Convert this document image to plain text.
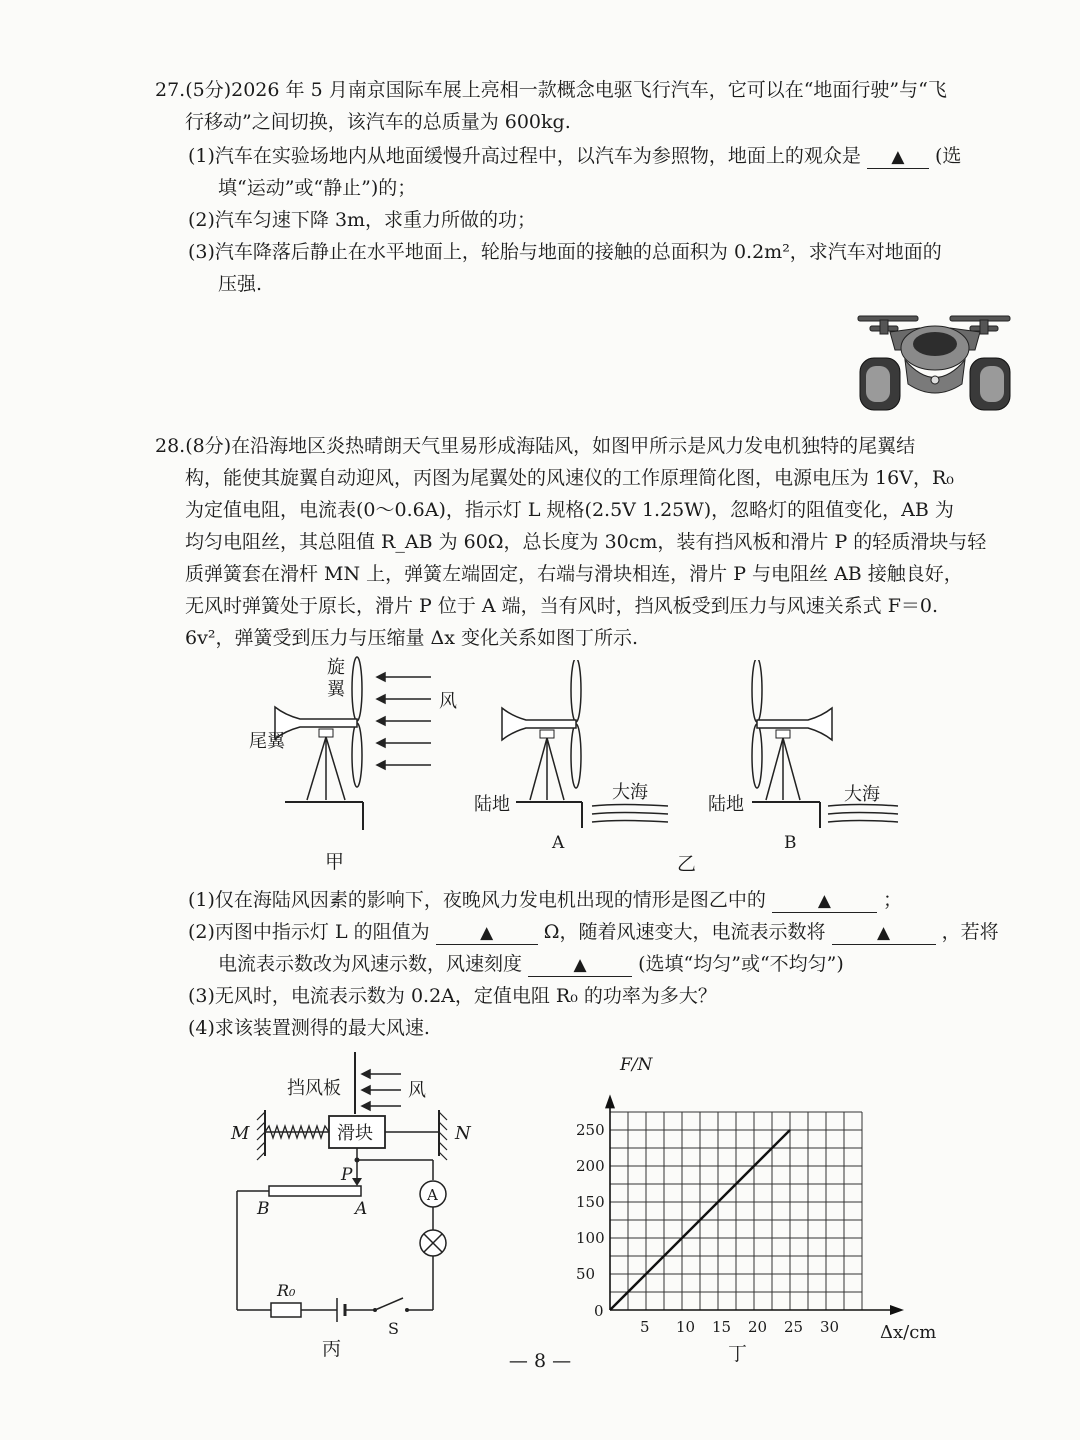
27.(5分)2026 年 5 月南京国际车展上亮相一款概念电驱飞行汽车，它可以在“地面行驶”与“飞
行移动”之间切换，该汽车的总质量为 600kg.
(1)汽车在实验场地内从地面缓慢升高过程中，以汽车为参照物，地面上的观众是 ▲ (选
填“运动”或“静止”)的；
(2)汽车匀速下降 3m，求重力所做的功；
(3)汽车降落后静止在水平地面上，轮胎与地面的接触的总面积为 0.2m²，求汽车对地面的
压强.
28.(8分)在沿海地区炎热晴朗天气里易形成海陆风，如图甲所示是风力发电机独特的尾翼结
构，能使其旋翼自动迎风，丙图为尾翼处的风速仪的工作原理简化图，电源电压为 16V，R₀
为定值电阻，电流表(0～0.6A)，指示灯 L 规格(2.5V 1.25W)，忽略灯的阻值变化，AB 为
均匀电阻丝，其总阻值 R_AB 为 60Ω，总长度为 30cm，装有挡风板和滑片 P 的轻质滑块与轻
质弹簧套在滑杆 MN 上，弹簧左端固定，右端与滑块相连，滑片 P 与电阻丝 AB 接触良好，
无风时弹簧处于原长，滑片 P 位于 A 端，当有风时，挡风板受到压力与风速关系式 F＝0.
6v²，弹簧受到压力与压缩量 Δx 变化关系如图丁所示.
旋
翼
尾翼
风
甲
陆地
大海
A
陆地	大海
B
乙
(1)仅在海陆风因素的影响下，夜晚风力发电机出现的情形是图乙中的	▲	；
(2)丙图中指示灯 L 的阻值为	▲	Ω，随着风速变大，电流表示数将	▲	，若将
电流表示数改为风速示数，风速刻度	▲	(选填“均匀”或“不均匀”)
(3)无风时，电流表示数为 0.2A，定值电阻 R₀ 的功率为多大？
(4)求该装置测得的最大风速.
挡风板	风
M	N
滑块
P
B	A
R₀
S
A
丙
5 10 15 20 25 30
50
100
150
200
250
0
F/N
Δx/cm
丁
— 8 —
